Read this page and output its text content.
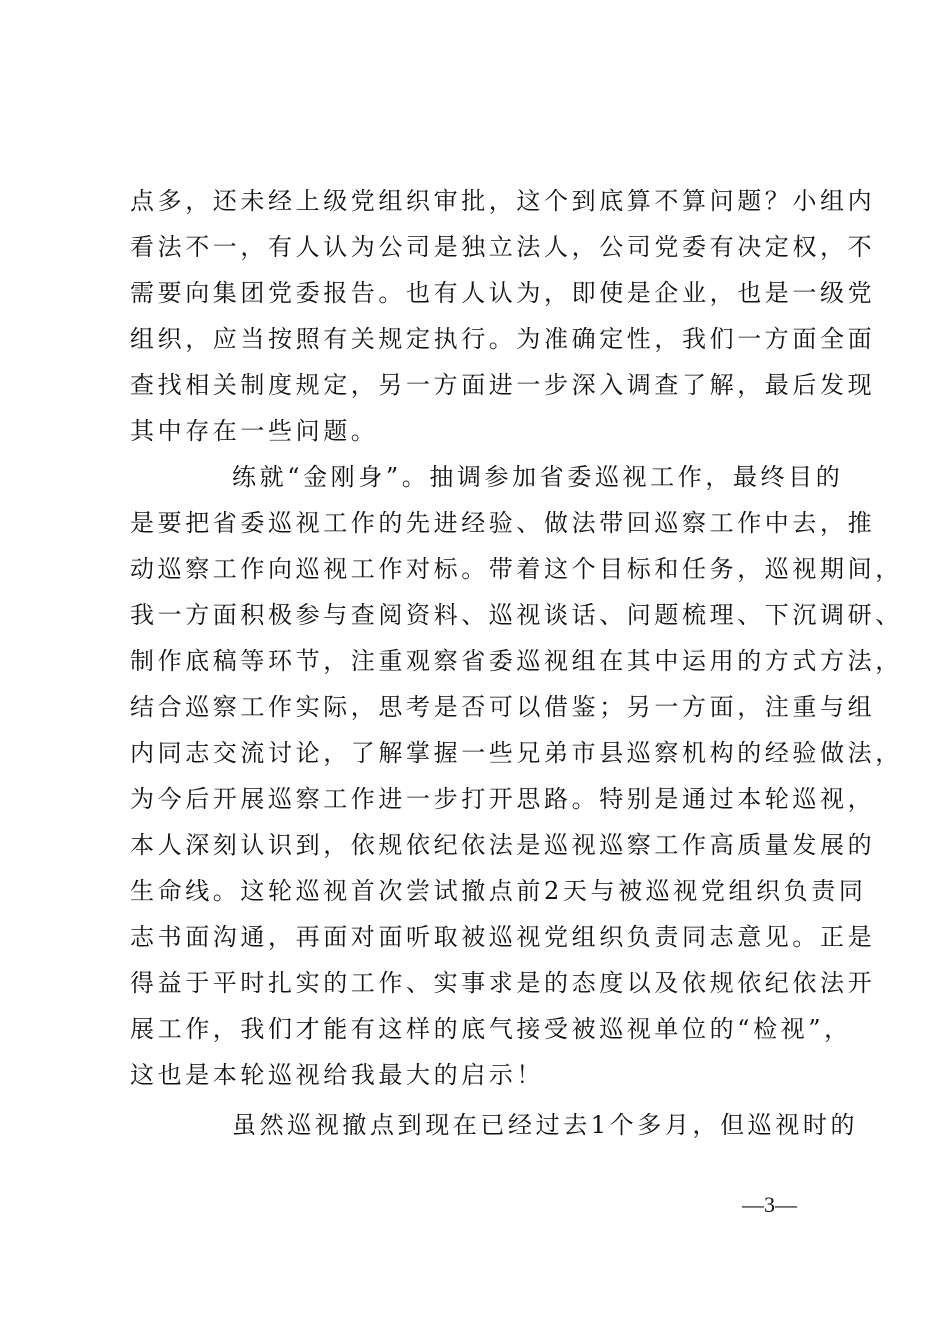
点多，还未经上级党组织审批，这个到底算不算问题？小组内
看法不一，有人认为公司是独立法人，公司党委有决定权，不
需要向集团党委报告。也有人认为，即使是企业，也是一级党
组织，应当按照有关规定执行。为准确定性，我们一方面全面
查找相关制度规定，另一方面进一步深入调查了解，最后发现
其中存在一些问题。
练就“金刚身”。抽调参加省委巡视工作，最终目的
是要把省委巡视工作的先进经验、做法带回巡察工作中去，推
动巡察工作向巡视工作对标。带着这个目标和任务，巡视期间，
我一方面积极参与查阅资料、巡视谈话、问题梳理、下沉调研、
制作底稿等环节，注重观察省委巡视组在其中运用的方式方法，
结合巡察工作实际，思考是否可以借鉴；另一方面，注重与组
内同志交流讨论，了解掌握一些兄弟市县巡察机构的经验做法，
为今后开展巡察工作进一步打开思路。特别是通过本轮巡视，
本人深刻认识到，依规依纪依法是巡视巡察工作高质量发展的
生命线。这轮巡视首次尝试撤点前2天与被巡视党组织负责同
志书面沟通，再面对面听取被巡视党组织负责同志意见。正是
得益于平时扎实的工作、实事求是的态度以及依规依纪依法开
展工作，我们才能有这样的底气接受被巡视单位的“检视”，
这也是本轮巡视给我最大的启示！
虽然巡视撤点到现在已经过去1个多月，但巡视时的
—3—
